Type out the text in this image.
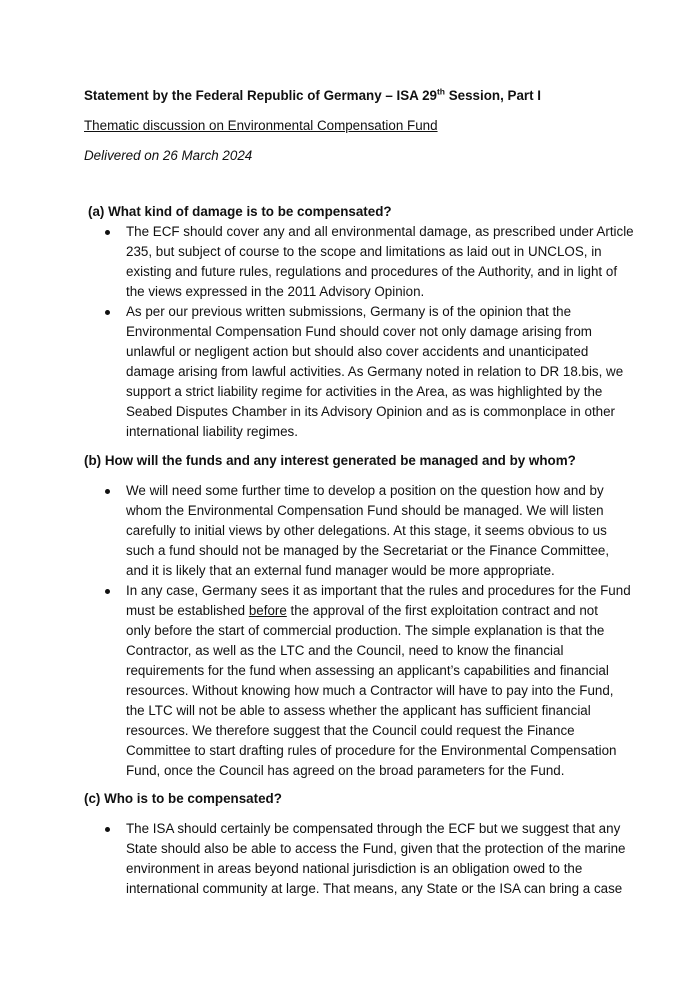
Statement by the Federal Republic of Germany – ISA 29th Session, Part I
Thematic discussion on Environmental Compensation Fund
Delivered on 26 March 2024
(a) What kind of damage is to be compensated?
The ECF should cover any and all environmental damage, as prescribed under Article
235, but subject of course to the scope and limitations as laid out in UNCLOS, in
existing and future rules, regulations and procedures of the Authority, and in light of
the views expressed in the 2011 Advisory Opinion.
As per our previous written submissions, Germany is of the opinion that the
Environmental Compensation Fund should cover not only damage arising from
unlawful or negligent action but should also cover accidents and unanticipated
damage arising from lawful activities. As Germany noted in relation to DR 18.bis, we
support a strict liability regime for activities in the Area, as was highlighted by the
Seabed Disputes Chamber in its Advisory Opinion and as is commonplace in other
international liability regimes.
(b) How will the funds and any interest generated be managed and by whom?
We will need some further time to develop a position on the question how and by
whom the Environmental Compensation Fund should be managed. We will listen
carefully to initial views by other delegations. At this stage, it seems obvious to us
such a fund should not be managed by the Secretariat or the Finance Committee,
and it is likely that an external fund manager would be more appropriate.
In any case, Germany sees it as important that the rules and procedures for the Fund
must be established before the approval of the first exploitation contract and not
only before the start of commercial production. The simple explanation is that the
Contractor, as well as the LTC and the Council, need to know the financial
requirements for the fund when assessing an applicant’s capabilities and financial
resources. Without knowing how much a Contractor will have to pay into the Fund,
the LTC will not be able to assess whether the applicant has sufficient financial
resources. We therefore suggest that the Council could request the Finance
Committee to start drafting rules of procedure for the Environmental Compensation
Fund, once the Council has agreed on the broad parameters for the Fund.
(c) Who is to be compensated?
The ISA should certainly be compensated through the ECF but we suggest that any
State should also be able to access the Fund, given that the protection of the marine
environment in areas beyond national jurisdiction is an obligation owed to the
international community at large. That means, any State or the ISA can bring a case
